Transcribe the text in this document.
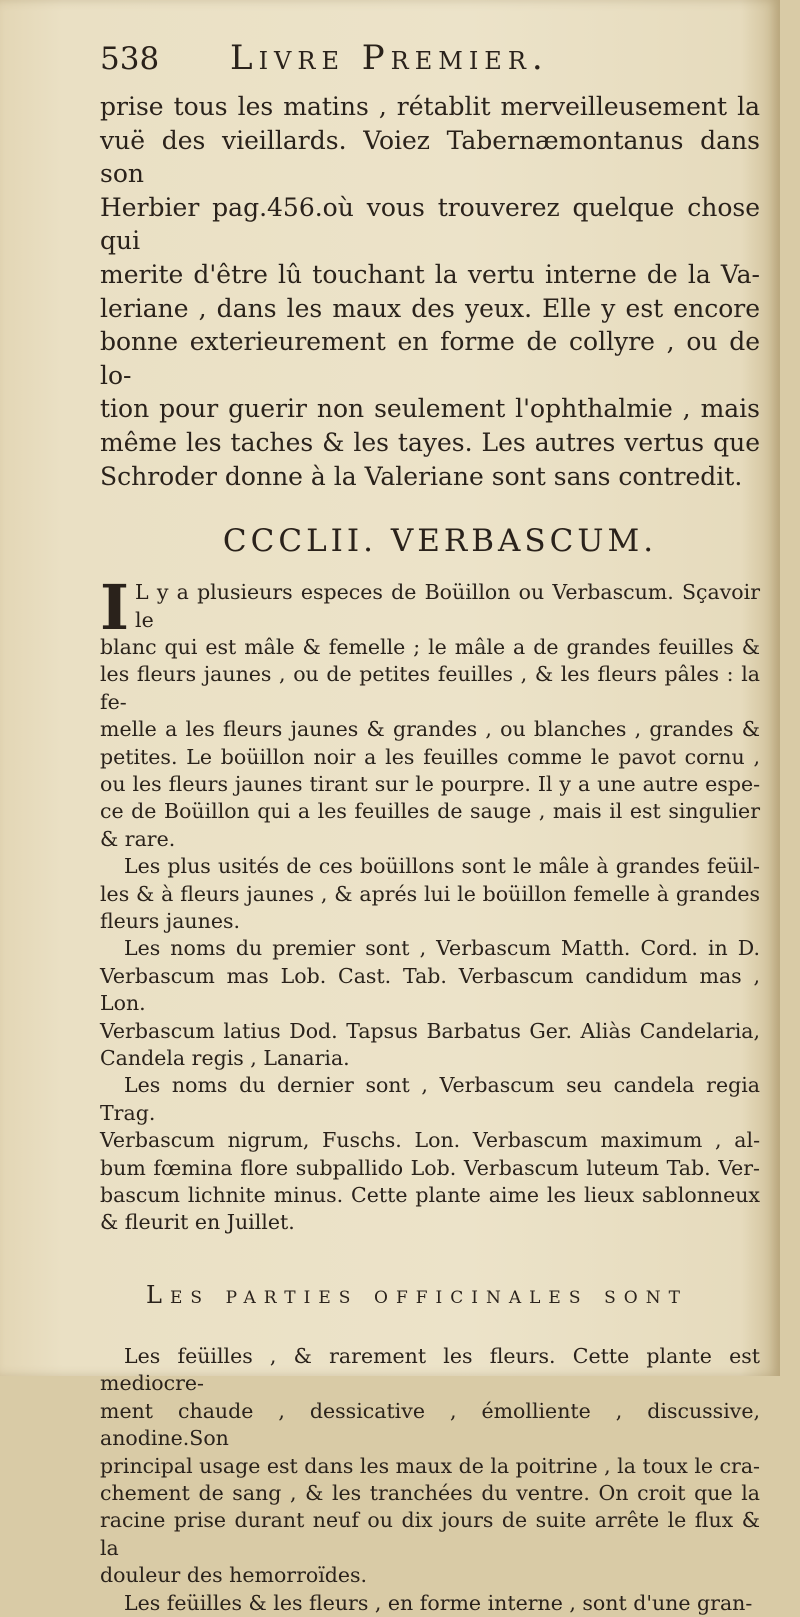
538	Livre Premier.

prise tous les matins , rétablit merveilleusement la

vuë des vieillards. Voiez Tabernæmontanus dans son

Herbier pag.456.où vous trouverez quelque chose qui

merite d'être lû touchant la vertu interne de la Va-

leriane , dans les maux des yeux. Elle y est encore

bonne exterieurement en forme de collyre , ou de lo-

tion pour guerir non seulement l'ophthalmie , mais

même les taches & les tayes. Les autres vertus que

Schroder donne à la Valeriane sont sans contredit.

CCCLII. VERBASCUM.
I L y a plusieurs especes de Boüillon ou Verbascum. Sçavoir le

blanc qui est mâle & femelle ; le mâle a de grandes feuilles &

les fleurs jaunes , ou de petites feuilles , & les fleurs pâles : la fe-

melle a les fleurs jaunes & grandes , ou blanches , grandes &

petites. Le boüillon noir a les feuilles comme le pavot cornu ,

ou les fleurs jaunes tirant sur le pourpre. Il y a une autre espe-

ce de Boüillon qui a les feuilles de sauge , mais il est singulier

& rare.

Les plus usités de ces boüillons sont le mâle à grandes feüil-

les & à fleurs jaunes , & aprés lui le boüillon femelle à grandes

fleurs jaunes.

Les noms du premier sont , Verbascum Matth. Cord. in D.

Verbascum mas Lob. Cast. Tab. Verbascum candidum mas , Lon.

Verbascum latius Dod. Tapsus Barbatus Ger. Aliàs Candelaria,

Candela regis , Lanaria.

Les noms du dernier sont , Verbascum seu candela regia Trag.

Verbascum nigrum, Fuschs. Lon. Verbascum maximum , al-

bum fœmina flore subpallido Lob. Verbascum luteum Tab. Ver-

bascum lichnite minus. Cette plante aime les lieux sablonneux

& fleurit en Juillet.

Les parties officinales sont

Les feüilles , & rarement les fleurs. Cette plante est mediocre-

ment chaude , dessicative , émolliente , discussive, anodine.Son

principal usage est dans les maux de la poitrine , la toux le cra-

chement de sang , & les tranchées du ventre. On croit que la

racine prise durant neuf ou dix jours de suite arrête le flux & la

douleur des hemorroïdes.

Les feüilles & les fleurs , en forme interne , sont d'une gran-
